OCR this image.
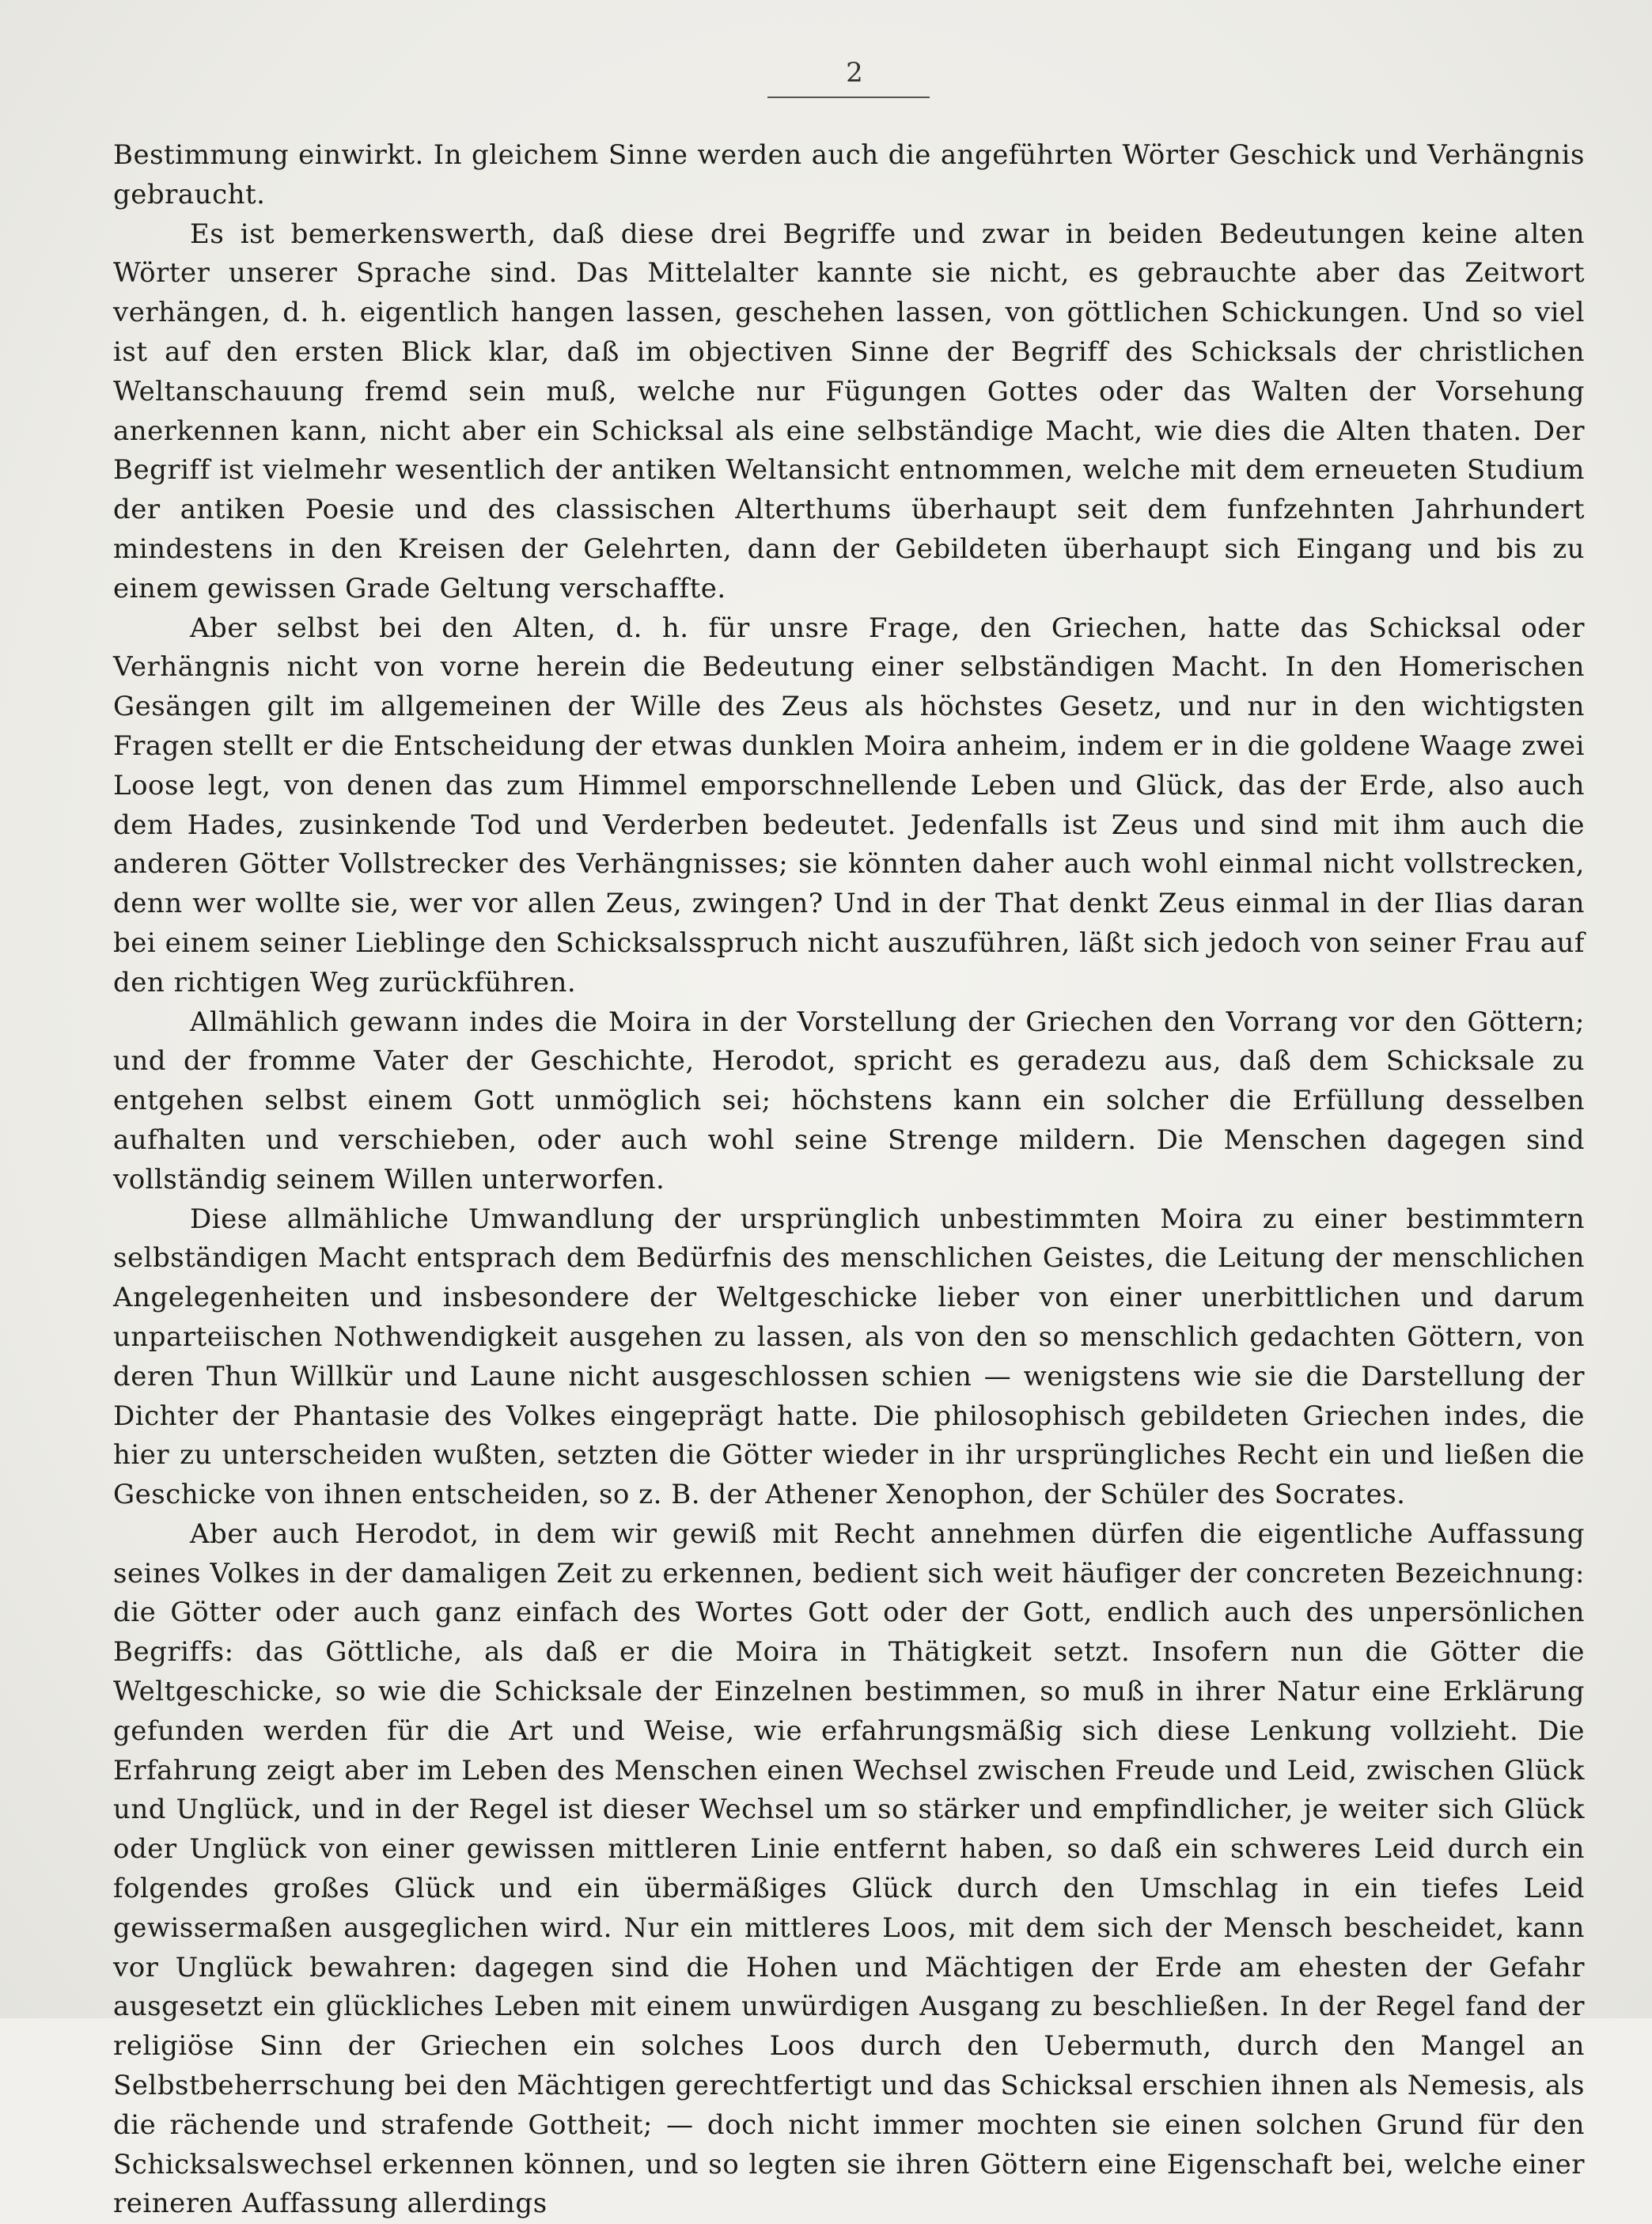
2

Bestimmung einwirkt. In gleichem Sinne werden auch die angeführten Wörter Geschick und Verhängnis gebraucht.

Es ist bemerkenswerth, daß diese drei Begriffe und zwar in beiden Bedeutungen keine alten Wörter unserer Sprache sind. Das Mittelalter kannte sie nicht, es gebrauchte aber das Zeitwort verhängen, d. h. eigentlich hangen lassen, geschehen lassen, von göttlichen Schickungen. Und so viel ist auf den ersten Blick klar, daß im objectiven Sinne der Begriff des Schicksals der christlichen Weltanschauung fremd sein muß, welche nur Fügungen Gottes oder das Walten der Vorsehung anerkennen kann, nicht aber ein Schicksal als eine selbständige Macht, wie dies die Alten thaten. Der Begriff ist vielmehr wesentlich der antiken Weltansicht entnommen, welche mit dem erneueten Studium der antiken Poesie und des classischen Alterthums überhaupt seit dem funfzehnten Jahrhundert mindestens in den Kreisen der Gelehrten, dann der Gebildeten überhaupt sich Eingang und bis zu einem gewissen Grade Geltung verschaffte.

Aber selbst bei den Alten, d. h. für unsre Frage, den Griechen, hatte das Schicksal oder Verhängnis nicht von vorne herein die Bedeutung einer selbständigen Macht. In den Homerischen Gesängen gilt im allgemeinen der Wille des Zeus als höchstes Gesetz, und nur in den wichtigsten Fragen stellt er die Entscheidung der etwas dunklen Moira anheim, indem er in die goldene Waage zwei Loose legt, von denen das zum Himmel emporschnellende Leben und Glück, das der Erde, also auch dem Hades, zusinkende Tod und Verderben bedeutet. Jedenfalls ist Zeus und sind mit ihm auch die anderen Götter Vollstrecker des Verhängnisses; sie könnten daher auch wohl einmal nicht vollstrecken, denn wer wollte sie, wer vor allen Zeus, zwingen? Und in der That denkt Zeus einmal in der Ilias daran bei einem seiner Lieblinge den Schicksalsspruch nicht auszuführen, läßt sich jedoch von seiner Frau auf den richtigen Weg zurückführen.

Allmählich gewann indes die Moira in der Vorstellung der Griechen den Vorrang vor den Göttern; und der fromme Vater der Geschichte, Herodot, spricht es geradezu aus, daß dem Schicksale zu entgehen selbst einem Gott unmöglich sei; höchstens kann ein solcher die Erfüllung desselben aufhalten und verschieben, oder auch wohl seine Strenge mildern. Die Menschen dagegen sind vollständig seinem Willen unterworfen.

Diese allmähliche Umwandlung der ursprünglich unbestimmten Moira zu einer bestimmtern selbständigen Macht entsprach dem Bedürfnis des menschlichen Geistes, die Leitung der menschlichen Angelegenheiten und insbesondere der Weltgeschicke lieber von einer unerbittlichen und darum unparteiischen Nothwendigkeit ausgehen zu lassen, als von den so menschlich gedachten Göttern, von deren Thun Willkür und Laune nicht ausgeschlossen schien — wenigstens wie sie die Darstellung der Dichter der Phantasie des Volkes eingeprägt hatte. Die philosophisch gebildeten Griechen indes, die hier zu unterscheiden wußten, setzten die Götter wieder in ihr ursprüngliches Recht ein und ließen die Geschicke von ihnen entscheiden, so z. B. der Athener Xenophon, der Schüler des Socrates.

Aber auch Herodot, in dem wir gewiß mit Recht annehmen dürfen die eigentliche Auffassung seines Volkes in der damaligen Zeit zu erkennen, bedient sich weit häufiger der concreten Bezeichnung: die Götter oder auch ganz einfach des Wortes Gott oder der Gott, endlich auch des unpersönlichen Begriffs: das Göttliche, als daß er die Moira in Thätigkeit setzt. Insofern nun die Götter die Weltgeschicke, so wie die Schicksale der Einzelnen bestimmen, so muß in ihrer Natur eine Erklärung gefunden werden für die Art und Weise, wie erfahrungsmäßig sich diese Lenkung vollzieht. Die Erfahrung zeigt aber im Leben des Menschen einen Wechsel zwischen Freude und Leid, zwischen Glück und Unglück, und in der Regel ist dieser Wechsel um so stärker und empfindlicher, je weiter sich Glück oder Unglück von einer gewissen mittleren Linie entfernt haben, so daß ein schweres Leid durch ein folgendes großes Glück und ein übermäßiges Glück durch den Umschlag in ein tiefes Leid gewissermaßen ausgeglichen wird. Nur ein mittleres Loos, mit dem sich der Mensch bescheidet, kann vor Unglück bewahren: dagegen sind die Hohen und Mächtigen der Erde am ehesten der Gefahr ausgesetzt ein glückliches Leben mit einem unwürdigen Ausgang zu beschließen. In der Regel fand der religiöse Sinn der Griechen ein solches Loos durch den Uebermuth, durch den Mangel an Selbstbeherrschung bei den Mächtigen gerechtfertigt und das Schicksal erschien ihnen als Nemesis, als die rächende und strafende Gottheit; — doch nicht immer mochten sie einen solchen Grund für den Schicksalswechsel erkennen können, und so legten sie ihren Göttern eine Eigenschaft bei, welche einer reineren Auffassung allerdings
